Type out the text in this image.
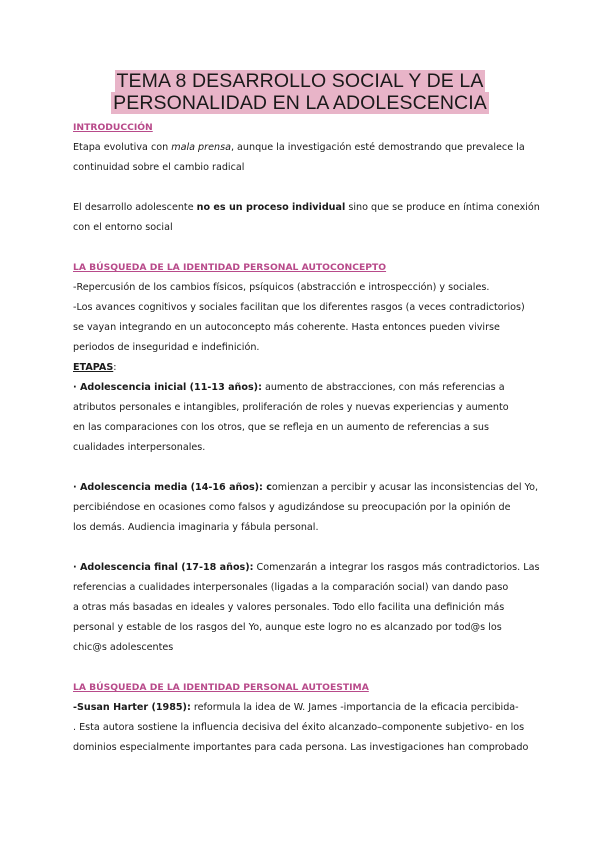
TEMA 8 DESARROLLO SOCIAL Y DE LA
PERSONALIDAD EN LA ADOLESCENCIA
INTRODUCCIÓN
Etapa evolutiva con mala prensa, aunque la investigación esté demostrando que prevalece la
continuidad sobre el cambio radical
El desarrollo adolescente no es un proceso individual sino que se produce en íntima conexión
con el entorno social
LA BÚSQUEDA DE LA IDENTIDAD PERSONAL AUTOCONCEPTO
-Repercusión de los cambios físicos, psíquicos (abstracción e introspección) y sociales.
-Los avances cognitivos y sociales facilitan que los diferentes rasgos (a veces contradictorios)
se vayan integrando en un autoconcepto más coherente. Hasta entonces pueden vivirse
periodos de inseguridad e indefinición.
ETAPAS:
· Adolescencia inicial (11-13 años): aumento de abstracciones, con más referencias a
atributos personales e intangibles, proliferación de roles y nuevas experiencias y aumento
en las comparaciones con los otros, que se refleja en un aumento de referencias a sus
cualidades interpersonales.
· Adolescencia media (14-16 años): comienzan a percibir y acusar las inconsistencias del Yo,
percibiéndose en ocasiones como falsos y agudizándose su preocupación por la opinión de
los demás. Audiencia imaginaria y fábula personal.
· Adolescencia final (17-18 años): Comenzarán a integrar los rasgos más contradictorios. Las
referencias a cualidades interpersonales (ligadas a la comparación social) van dando paso
a otras más basadas en ideales y valores personales. Todo ello facilita una definición más
personal y estable de los rasgos del Yo, aunque este logro no es alcanzado por tod@s los
chic@s adolescentes
LA BÚSQUEDA DE LA IDENTIDAD PERSONAL AUTOESTIMA
-Susan Harter (1985): reformula la idea de W. James -importancia de la eficacia percibida-
. Esta autora sostiene la influencia decisiva del éxito alcanzado–componente subjetivo- en los
dominios especialmente importantes para cada persona. Las investigaciones han comprobado
